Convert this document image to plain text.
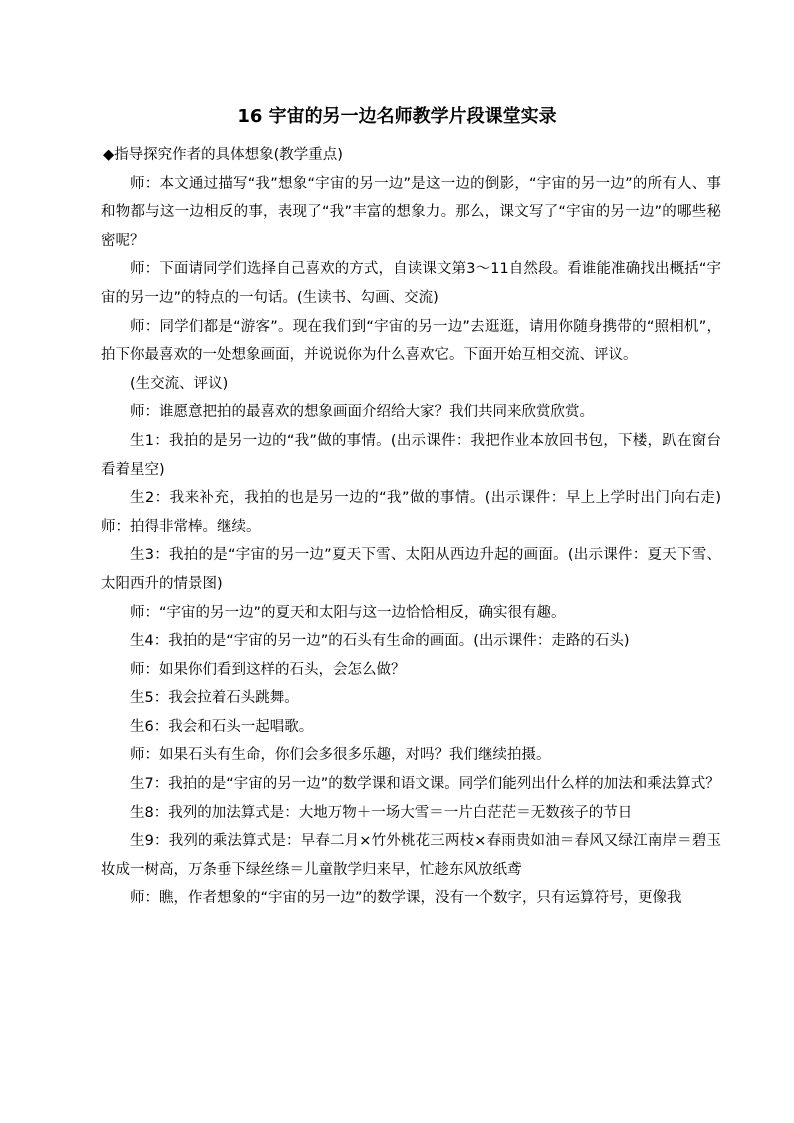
16 宇宙的另一边名师教学片段课堂实录

◆指导探究作者的具体想象(教学重点)

师：本文通过描写“我”想象“宇宙的另一边”是这一边的倒影，“宇宙的另一边”的所有人、事和物都与这一边相反的事，表现了“我”丰富的想象力。那么，课文写了“宇宙的另一边”的哪些秘密呢？

师：下面请同学们选择自己喜欢的方式，自读课文第3～11自然段。看谁能准确找出概括“宇宙的另一边”的特点的一句话。(生读书、勾画、交流)

师：同学们都是“游客”。现在我们到“宇宙的另一边”去逛逛，请用你随身携带的“照相机”，拍下你最喜欢的一处想象画面，并说说你为什么喜欢它。下面开始互相交流、评议。

(生交流、评议)

师：谁愿意把拍的最喜欢的想象画面介绍给大家？我们共同来欣赏欣赏。

生1：我拍的是另一边的“我”做的事情。(出示课件：我把作业本放回书包，下楼，趴在窗台看着星空)

生2：我来补充，我拍的也是另一边的“我”做的事情。(出示课件：早上上学时出门向右走)　 师：拍得非常棒。继续。

生3：我拍的是“宇宙的另一边”夏天下雪、太阳从西边升起的画面。(出示课件：夏天下雪、太阳西升的情景图)

师：“宇宙的另一边”的夏天和太阳与这一边恰恰相反，确实很有趣。

生4：我拍的是“宇宙的另一边”的石头有生命的画面。(出示课件：走路的石头)

师：如果你们看到这样的石头，会怎么做？

生5：我会拉着石头跳舞。

生6：我会和石头一起唱歌。

师：如果石头有生命，你们会多很多乐趣，对吗？我们继续拍摄。

生7：我拍的是“宇宙的另一边”的数学课和语文课。同学们能列出什么样的加法和乘法算式？

生8：我列的加法算式是：大地万物＋一场大雪＝一片白茫茫＝无数孩子的节日

生9：我列的乘法算式是：早春二月×竹外桃花三两枝×春雨贵如油＝春风又绿江南岸＝碧玉妆成一树高，万条垂下绿丝绦＝儿童散学归来早，忙趁东风放纸鸢

师：瞧，作者想象的“宇宙的另一边”的数学课，没有一个数字，只有运算符号，更像我
